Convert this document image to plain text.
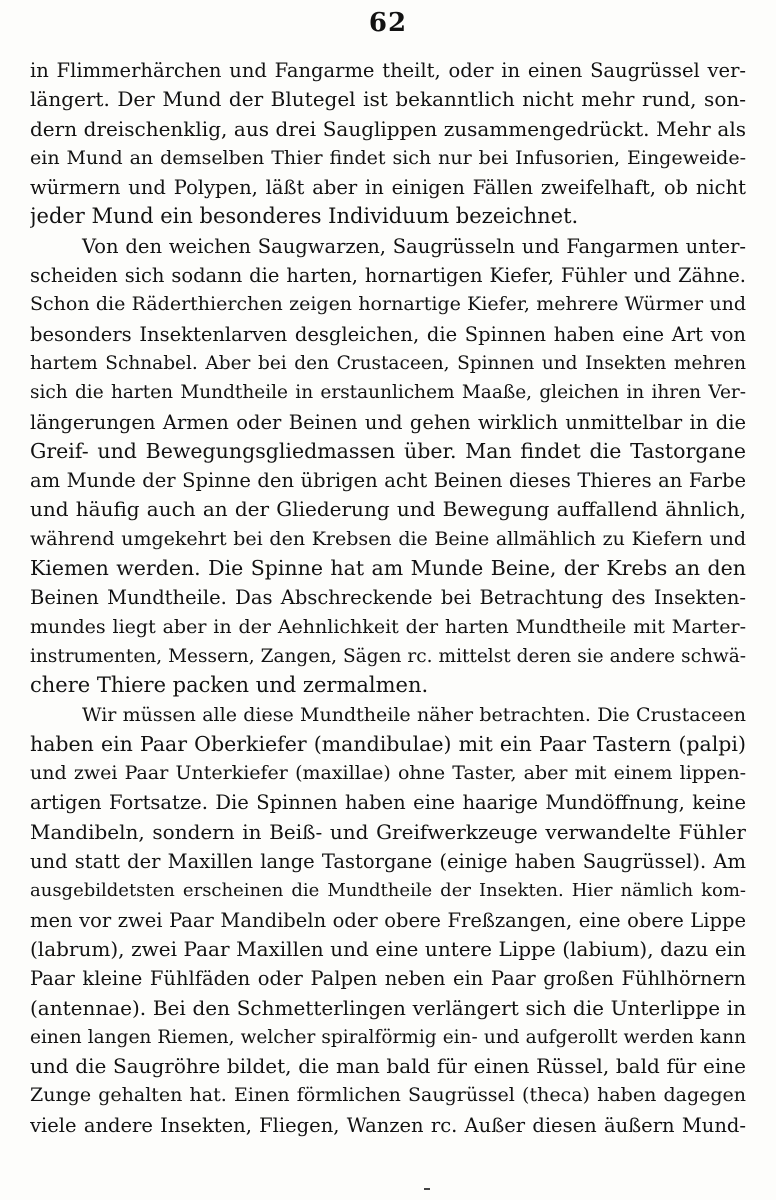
62
in Flimmerhärchen und Fangarme theilt, oder in einen Saugrüssel ver-
längert. Der Mund der Blutegel ist bekanntlich nicht mehr rund, son-
dern dreischenklig, aus drei Sauglippen zusammengedrückt. Mehr als
ein Mund an demselben Thier findet sich nur bei Infusorien, Eingeweide-
würmern und Polypen, läßt aber in einigen Fällen zweifelhaft, ob nicht
jeder Mund ein besonderes Individuum bezeichnet.
Von den weichen Saugwarzen, Saugrüsseln und Fangarmen unter-
scheiden sich sodann die harten, hornartigen Kiefer, Fühler und Zähne.
Schon die Räderthierchen zeigen hornartige Kiefer, mehrere Würmer und
besonders Insektenlarven desgleichen, die Spinnen haben eine Art von
hartem Schnabel. Aber bei den Crustaceen, Spinnen und Insekten mehren
sich die harten Mundtheile in erstaunlichem Maaße, gleichen in ihren Ver-
längerungen Armen oder Beinen und gehen wirklich unmittelbar in die
Greif- und Bewegungsgliedmassen über. Man findet die Tastorgane
am Munde der Spinne den übrigen acht Beinen dieses Thieres an Farbe
und häufig auch an der Gliederung und Bewegung auffallend ähnlich,
während umgekehrt bei den Krebsen die Beine allmählich zu Kiefern und
Kiemen werden. Die Spinne hat am Munde Beine, der Krebs an den
Beinen Mundtheile. Das Abschreckende bei Betrachtung des Insekten-
mundes liegt aber in der Aehnlichkeit der harten Mundtheile mit Marter-
instrumenten, Messern, Zangen, Sägen rc. mittelst deren sie andere schwä-
chere Thiere packen und zermalmen.
Wir müssen alle diese Mundtheile näher betrachten. Die Crustaceen
haben ein Paar Oberkiefer (mandibulae) mit ein Paar Tastern (palpi)
und zwei Paar Unterkiefer (maxillae) ohne Taster, aber mit einem lippen-
artigen Fortsatze. Die Spinnen haben eine haarige Mundöffnung, keine
Mandibeln, sondern in Beiß- und Greifwerkzeuge verwandelte Fühler
und statt der Maxillen lange Tastorgane (einige haben Saugrüssel). Am
ausgebildetsten erscheinen die Mundtheile der Insekten. Hier nämlich kom-
men vor zwei Paar Mandibeln oder obere Freßzangen, eine obere Lippe
(labrum), zwei Paar Maxillen und eine untere Lippe (labium), dazu ein
Paar kleine Fühlfäden oder Palpen neben ein Paar großen Fühlhörnern
(antennae). Bei den Schmetterlingen verlängert sich die Unterlippe in
einen langen Riemen, welcher spiralförmig ein- und aufgerollt werden kann
und die Saugröhre bildet, die man bald für einen Rüssel, bald für eine
Zunge gehalten hat. Einen förmlichen Saugrüssel (theca) haben dagegen
viele andere Insekten, Fliegen, Wanzen rc. Außer diesen äußern Mund-
